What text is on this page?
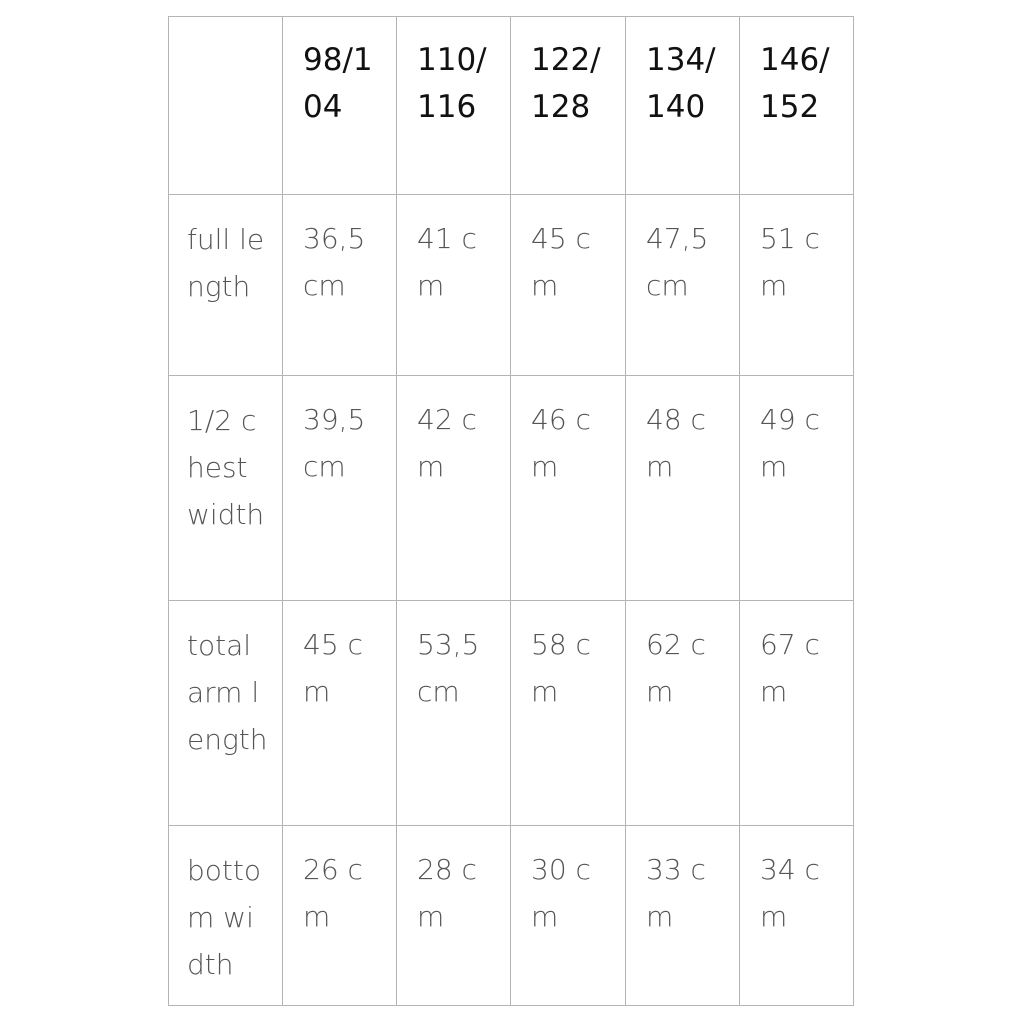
	98/104	110/116	122/128	134/140	146/152

full length	36,5 cm	41 cm	45 cm	47,5 cm	51 cm

1/2 chest width	39,5 cm	42 cm	46 cm	48 cm	49 cm

total arm length	45 cm	53,5 cm	58 cm	62 cm	67 cm

bottom width	26 cm	28 cm	30 cm	33 cm	34 cm
